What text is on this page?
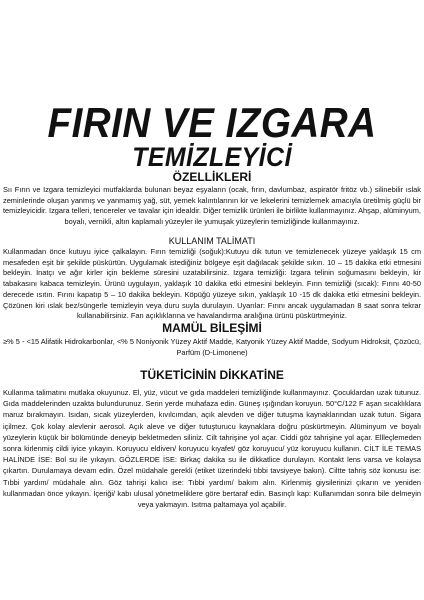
FIRIN VE IZGARA
TEMİZLEYİCİ
ÖZELLİKLERİ
Sıı Fırın ve Izgara temizleyici mutfaklarda bulunan beyaz eşyaların (ocak, fırın, davlumbaz, aspiratör fritöz vb.) silinebilir ıslak zeminlerinde oluşan yanmış ve yanmamış yağ, süt, yemek kalıntılarının kir ve lekelerini temizlemek amacıyla üretilmiş güçlü bir temizleyicidir. Izgara telleri, tencereler ve tavalar için idealdir. Diğer temizlik ürünleri ile birlikte kullanmayınız. Ahşap, alüminyum, boyalı, vernikli, altın kaplamalı yüzeyler ile yumuşak yüzeylerin temizliğinde kullanmayınız.
KULLANIM TALİMATI
Kullanmadan önce kutuyu iyice çalkalayın. Fırın temizliği (soğuk):Kutuyu dik tutun ve temizlenecek yüzeye yaklaşık 15 cm mesafeden eşit bir şekilde püskürtün. Uygulamak istediğiniz bölgeye eşit dağılacak şekilde sıkın. 10 – 15 dakika etki etmesini bekleyin. İnatçı ve ağır kirler için bekleme süresini uzatabilirsiniz. Izgara temizliği: Izgara telinin soğumasını bekleyin, kir tabakasını kabaca temizleyin. Ürünü uygulayın, yaklaşık 10 dakika etki etmesini bekleyin. Fırın temizliği (sıcak): Fırını 40-50 derecede ısıtın. Fırını kapatıp 5 – 10 dakika bekleyin. Köpüğü yüzeye sıkın, yaklaşık 10 -15 dk dakika etki etmesini bekleyin. Çözünen kiri ıslak bez/süngerle temizleyin veya duru suyla durulayın. Uyarılar: Fırını ancak uygulamadan 8 saat sonra tekrar kullanabilirsiniz. Fan açıklıklarına ve havalandırma aralığına ürünü püskürtmeyiniz.
MAMÜL BİLEŞİMİ
≥% 5 - <15 Alifatik Hidrokarbonlar, <% 5 Noniyonik Yüzey Aktif Madde, Katyonik Yüzey Aktif Madde, Sodyum Hidroksit, Çözücü, Parfüm (D-Limonene)
TÜKETİCİNİN DİKKATİNE
Kullanma talimatını mutlaka okuyunuz. El, yüz, vücut ve gıda maddeleri temizliğinde kullanmayınız. Çocuklardan uzak tutunuz. Gıda maddelerinden uzakta bulundurunuz. Serin yerde muhafaza edin. Güneş ışığından koruyun. 50°C/122 F aşan sıcaklıklara maruz bırakmayın. Isıdan, sıcak yüzeylerden, kıvılcımdan, açık alevden ve diğer tutuşma kaynaklarından uzak tutun. Sigara içilmez. Çok kolay alevlenir aerosol. Açık aleve ve diğer tutuşturucu kaynaklara doğru püskürtmeyin. Alüminyum ve boyalı yüzeylerin küçük bir bölümünde deneyip bekletmeden siliniz. Cilt tahrişine yol açar. Ciddi göz tahrişine yol açar. Ellleçlemeden sonra kirlenmiş cildi iyice yıkayın. Koruyucu eldiven/ koruyucu kıyafet/ göz koruyucu/ yüz koruyucu kullanın. CİLT İLE TEMAS HALİNDE İSE: Bol su ile yıkayın. GÖZLERDE İSE: Birkaç dakika su ile dikkatlice durulayın. Kontakt lens varsa ve kolaysa çıkartın. Durulamaya devam edin. Özel müdahale gerekli (etiket üzerindeki tıbbi tavsiyeye bakın). Ciltte tahriş söz konusu ise: Tıbbi yardım/ müdahale alın. Göz tahrişi kalıcı ise: Tıbbi yardım/ bakım alın. Kirlenmiş giysilerinizi çıkarın ve yeniden kullanmadan önce yıkayın. İçeriği/ kabı ulusal yönetmeliklere göre bertaraf edin. Basınçlı kap: Kullanımdan sonra bile delmeyin veya yakmayın. Isıtma paltamaya yol açabilir.
